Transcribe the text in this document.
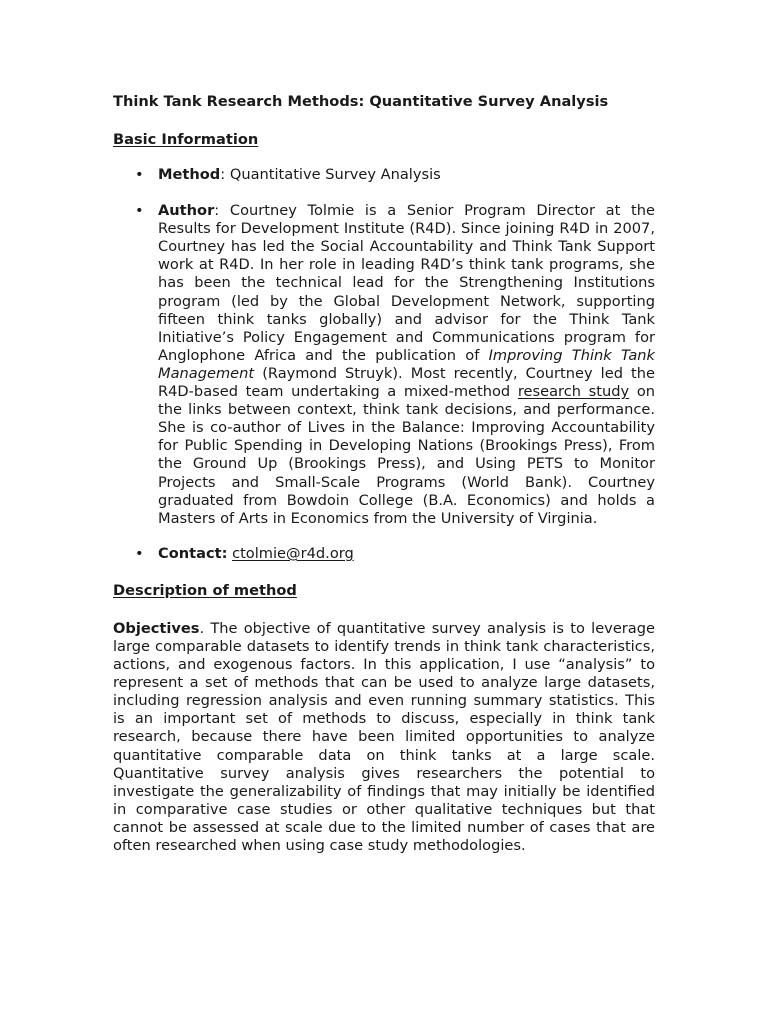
Think Tank Research Methods: Quantitative Survey Analysis
Basic Information
• Method: Quantitative Survey Analysis
• Author: Courtney Tolmie is a Senior Program Director at the Results for Development Institute (R4D). Since joining R4D in 2007, Courtney has led the Social Accountability and Think Tank Support work at R4D. In her role in leading R4D’s think tank programs, she has been the technical lead for the Strengthening Institutions program (led by the Global Development Network, supporting fifteen think tanks globally) and advisor for the Think Tank Initiative’s Policy Engagement and Communications program for Anglophone Africa and the publication of Improving Think Tank Management (Raymond Struyk). Most recently, Courtney led the R4D-based team undertaking a mixed-method research study on the links between context, think tank decisions, and performance. She is co-author of Lives in the Balance: Improving Accountability for Public Spending in Developing Nations (Brookings Press), From the Ground Up (Brookings Press), and Using PETS to Monitor Projects and Small-Scale Programs (World Bank). Courtney graduated from Bowdoin College (B.A. Economics) and holds a Masters of Arts in Economics from the University of Virginia.
• Contact: ctolmie@r4d.org
Description of method

Objectives. The objective of quantitative survey analysis is to leverage large comparable datasets to identify trends in think tank characteristics, actions, and exogenous factors. In this application, I use “analysis” to represent a set of methods that can be used to analyze large datasets, including regression analysis and even running summary statistics. This is an important set of methods to discuss, especially in think tank research, because there have been limited opportunities to analyze quantitative comparable data on think tanks at a large scale. Quantitative survey analysis gives researchers the potential to investigate the generalizability of findings that may initially be identified in comparative case studies or other qualitative techniques but that cannot be assessed at scale due to the limited number of cases that are often researched when using case study methodologies.
